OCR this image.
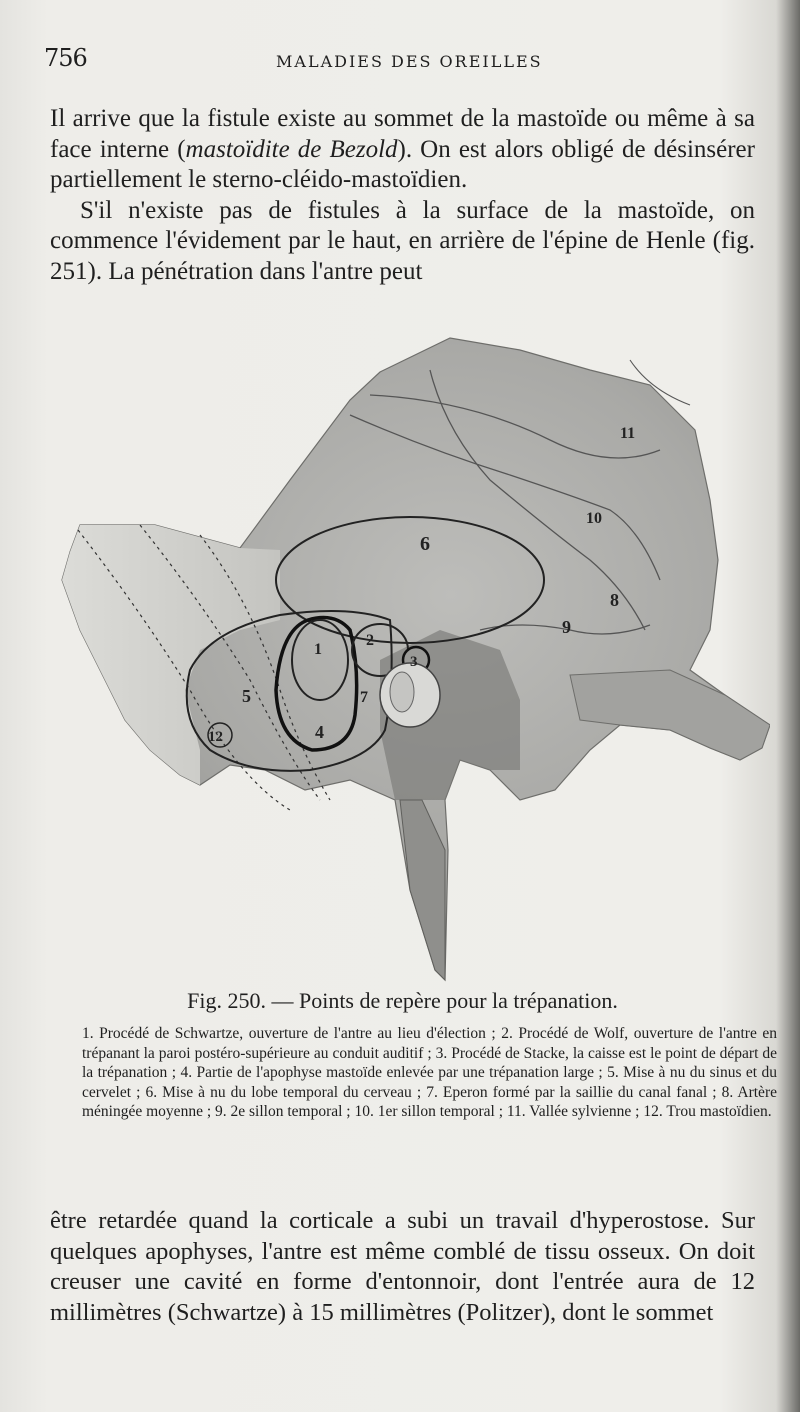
756	MALADIES DES OREILLES

Il arrive que la fistule existe au sommet de la mastoïde ou même à sa face interne (mastoïdite de Bezold). On est alors obligé de désinsérer partiellement le sterno-cléido-mastoïdien.

S'il n'existe pas de fistules à la surface de la mastoïde, on commence l'évidement par le haut, en arrière de l'épine de Henle (fig. 251). La pénétration dans l'antre peut

1
2
3
4
5
6
7
8
9
10
11
12
Fig. 250. — Points de repère pour la trépanation.
1. Procédé de Schwartze, ouverture de l'antre au lieu d'élection ; 2. Procédé de Wolf, ouverture de l'antre en trépanant la paroi postéro-supérieure au conduit auditif ; 3. Procédé de Stacke, la caisse est le point de départ de la trépanation ; 4. Partie de l'apophyse mastoïde enlevée par une trépanation large ; 5. Mise à nu du sinus et du cervelet ; 6. Mise à nu du lobe temporal du cerveau ; 7. Eperon formé par la saillie du canal fanal ; 8. Artère méningée moyenne ; 9. 2e sillon temporal ; 10. 1er sillon temporal ; 11. Vallée sylvienne ; 12. Trou mastoïdien.

être retardée quand la corticale a subi un travail d'hyperostose. Sur quelques apophyses, l'antre est même comblé de tissu osseux. On doit creuser une cavité en forme d'entonnoir, dont l'entrée aura de 12 millimètres (Schwartze) à 15 millimètres (Politzer), dont le sommet
